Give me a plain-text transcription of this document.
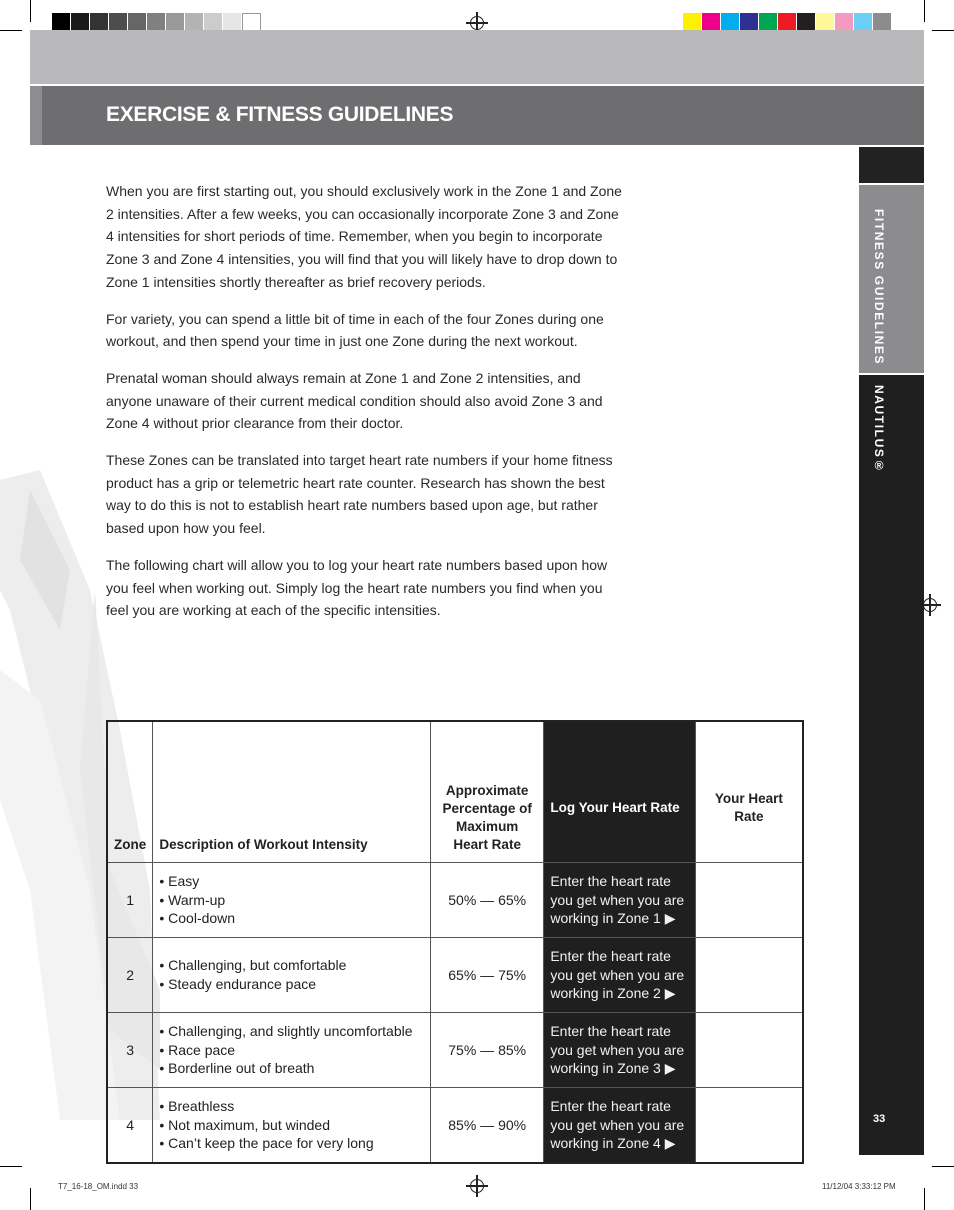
EXERCISE & FITNESS GUIDELINES
FITNESS GUIDELINES
NAUTILUS®
33

When you are first starting out, you should exclusively work in the Zone 1 and Zone 2 intensities. After a few weeks, you can occasionally incorporate Zone 3 and Zone 4 intensities for short periods of time. Remember, when you begin to incorporate Zone 3 and Zone 4 intensities, you will find that you will likely have to drop down to Zone 1 intensities shortly thereafter as brief recovery periods.

For variety, you can spend a little bit of time in each of the four Zones during one workout, and then spend your time in just one Zone during the next workout.

Prenatal woman should always remain at Zone 1 and Zone 2 intensities, and anyone unaware of their current medical condition should also avoid Zone 3 and Zone 4 without prior clearance from their doctor.

These Zones can be translated into target heart rate numbers if your home fitness product has a grip or telemetric heart rate counter. Research has shown the best way to do this is not to establish heart rate numbers based upon age, but rather based upon how you feel.

The following chart will allow you to log your heart rate numbers based upon how you feel when working out. Simply log the heart rate numbers you find when you feel you are working at each of the specific intensities.

Zone	Description of Workout Intensity	Approximate Percentage of Maximum Heart Rate	Log Your Heart Rate	Your Heart Rate
1	• Easy
• Warm-up
• Cool-down	50% — 65%	Enter the heart rate you get when you are working in Zone 1 ▶	
2	• Challenging, but comfortable
• Steady endurance pace	65% — 75%	Enter the heart rate you get when you are working in Zone 2 ▶	
3	• Challenging, and slightly uncomfortable
• Race pace
• Borderline out of breath	75% — 85%	Enter the heart rate you get when you are working in Zone 3 ▶	
4	• Breathless
• Not maximum, but winded
• Can’t keep the pace for very long	85% — 90%	Enter the heart rate you get when you are working in Zone 4 ▶	
T7_16-18_OM.indd 33	11/12/04 3:33:12 PM
